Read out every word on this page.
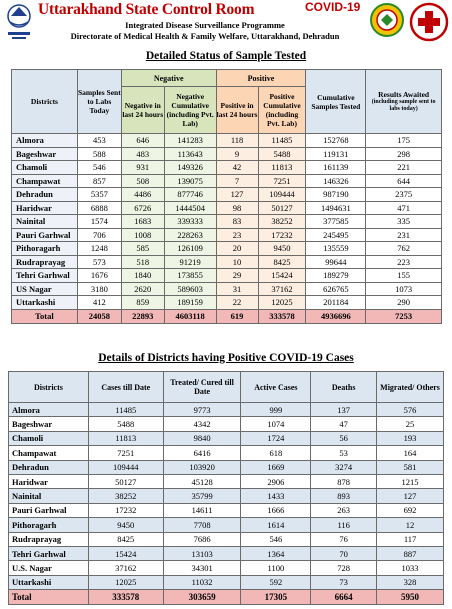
Uttarakhand State Control Room	COVID-19
Integrated Disease Surveillance Programme
Directorate of Medical Health & Family Welfare, Uttarakhand, Dehradun
Detailed Status of Sample Tested
Districts	Samples Sent to Labs Today	Negative		Positive		Cumulative Samples Tested	Results Awaited
(including sample sent to labs today)

		Negative in last 24 hours	Negative Cumulative (including Pvt. Lab)	Positive in last 24 hours	Positive Cumulative (including Pvt. Lab)		
Almora	453	646	141283	118	11485	152768	175
Bageshwar	588	483	113643	9	5488	119131	298
Chamoli	546	931	149326	42	11813	161139	221
Champawat	857	508	139075	7	7251	146326	644
Dehradun	5357	4486	877746	127	109444	987190	2375
Haridwar	6888	6726	1444504	98	50127	1494631	471
Nainital	1574	1683	339333	83	38252	377585	335
Pauri Garhwal	706	1008	228263	23	17232	245495	231
Pithoragarh	1248	585	126109	20	9450	135559	762
Rudraprayag	573	518	91219	10	8425	99644	223
Tehri Garhwal	1676	1840	173855	29	15424	189279	155
US Nagar	3180	2620	589603	31	37162	626765	1073
Uttarkashi	412	859	189159	22	12025	201184	290
Total	24058	22893	4603118	619	333578	4936696	7253
Details of Districts having Positive COVID-19 Cases
Districts	Cases till Date	Treated/ Cured till Date	Active Cases	Deaths	Migrated/ Others
Almora	11485	9773	999	137	576
Bageshwar	5488	4342	1074	47	25
Chamoli	11813	9840	1724	56	193
Champawat	7251	6416	618	53	164
Dehradun	109444	103920	1669	3274	581
Haridwar	50127	45128	2906	878	1215
Nainital	38252	35799	1433	893	127
Pauri Garhwal	17232	14611	1666	263	692
Pithoragarh	9450	7708	1614	116	12
Rudraprayag	8425	7686	546	76	117
Tehri Garhwal	15424	13103	1364	70	887
U.S. Nagar	37162	34301	1100	728	1033
Uttarkashi	12025	11032	592	73	328
Total	333578	303659	17305	6664	5950
